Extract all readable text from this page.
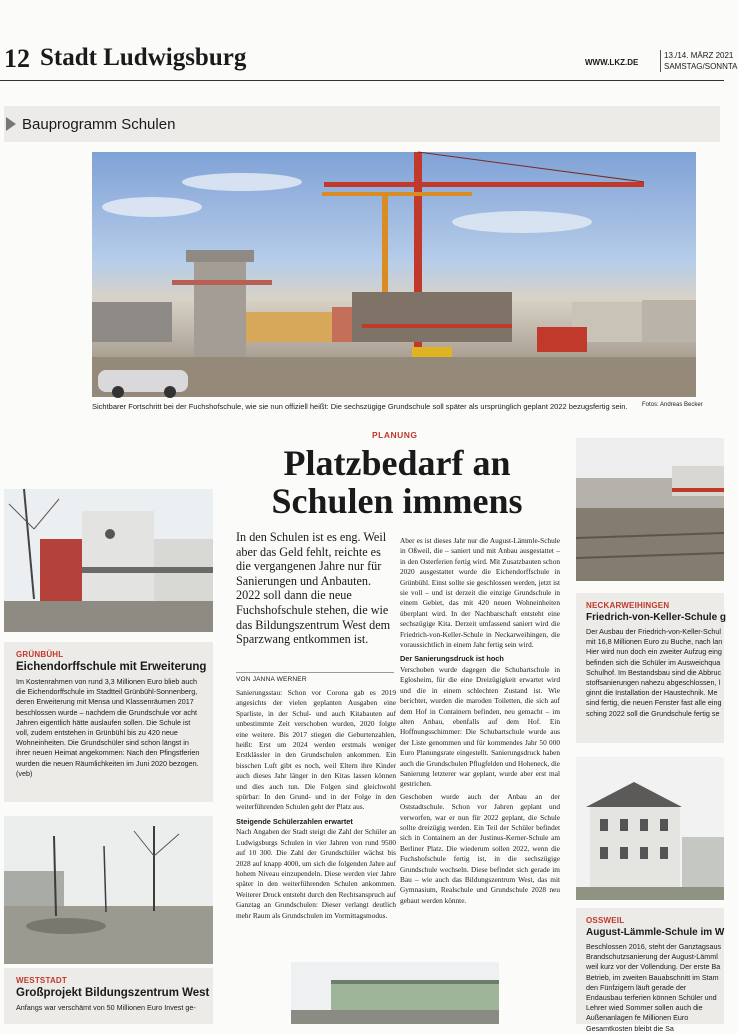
12 Stadt Ludwigsburg	WWW.LKZ.DE
13./14. MÄRZ 2021
SAMSTAG/SONNTA
Bauprogramm Schulen
Sichtbarer Fortschritt bei der Fuchshofschule, wie sie nun offiziell heißt: Die sechszügige Grundschule soll später als ursprünglich geplant 2022 bezugsfertig sein. Fotos: Andreas Becker
PLANUNG
Platzbedarf an
Schulen immens
In den Schulen ist es eng. Weil aber das Geld fehlt, reichte es die vergangenen Jahre nur für Sanierungen und Anbauten. 2022 soll dann die neue Fuchshofschule stehen, die wie das Bildungszentrum West dem Sparzwang entkommen ist.
VON JANNA WERNER

Sanierungsstau: Schon vor Corona gab es 2019 angesichts der vielen geplanten Ausgaben eine Sparliste, in der Schul- und auch Kitabauten auf unbestimmte Zeit verschoben wurden, 2020 folgte eine weitere. Bis 2017 stiegen die Geburtenzahlen, heißt: Erst um 2024 werden erstmals weniger Erstklässler in den Grundschulen ankommen. Ein bisschen Luft gibt es noch, weil Eltern ihre Kinder auch dieses Jahr länger in den Kitas lassen können und dies auch tun. Die Folgen sind gleichwohl spürbar: In den Grund- und in der Folge in den weiterführenden Schulen geht der Platz aus.

Steigende Schülerzahlen erwartet

Nach Angaben der Stadt steigt die Zahl der Schüler an Ludwigsburgs Schulen in vier Jahren von rund 9500 auf 10 300. Die Zahl der Grundschüler wächst bis 2028 auf knapp 4000, um sich die folgenden Jahre auf hohem Niveau einzupendeln. Diese werden vier Jahre später in den weiterführenden Schulen ankommen. Weiterer Druck entsteht durch den Rechtsanspruch auf Ganztag an Grundschulen: Dieser verlangt deutlich mehr Raum als Grundschulen im Vormittagsmodus.

Aber es ist dieses Jahr nur die August-Lämmle-Schule in Oßweil, die – saniert und mit Anbau ausgestattet – in den Osterferien fertig wird. Mit Zusatzbauten schon 2020 ausgestattet wurde die Eichendorffschule in Grünbühl. Einst sollte sie geschlossen werden, jetzt ist sie voll – und ist derzeit die einzige Grundschule in einem Gebiet, das mit 420 neuen Wohneinheiten überplant wird. In der Nachbarschaft entsteht eine sechszügige Kita. Derzeit umfassend saniert wird die Friedrich-von-Keller-Schule in Neckarweihingen, die voraussichtlich in einem Jahr fertig sein wird.

Der Sanierungsdruck ist hoch

Verschoben wurde dagegen die Schubartschule in Eglosheim, für die eine Dreizügigkeit erwartet wird und die in einem schlechten Zustand ist. Wie berichtet, wurden die maroden Toiletten, die sich auf dem Hof in Containern befinden, neu gemacht – im alten Anbau, ebenfalls auf dem Hof. Ein Hoffnungsschimmer: Die Schubartschule wurde aus der Liste genommen und für kommendes Jahr 50 000 Euro Planungsrate eingestellt. Sanierungsdruck haben auch die Grundschulen Pflugfelden und Hoheneck, die Sanierung letzterer war geplant, wurde aber erst mal gestrichen.

Geschoben wurde auch der Anbau an der Oststadtschule. Schon vor Jahren geplant und verworfen, war er nun für 2022 geplant, die Schule sollte dreizügig werden. Ein Teil der Schüler befindet sich in Containern an der Justinus-Kerner-Schule am Berliner Platz. Die wiederum sollen 2022, wenn die Fuchshofschule fertig ist, in die sechszügige Grundschule wechseln. Diese befindet sich gerade im Bau – wie auch das Bildungszentrum West, das mit Gymnasium, Realschule und Grundschule 2028 neu gebaut werden könnte.

GRÜNBÜHL
Eichendorffschule mit Erweiterung
Im Kostenrahmen von rund 3,3 Millionen Euro blieb auch die Eichendorffschule im Stadtteil Grünbühl-Sonnenberg, deren Erweiterung mit Mensa und Klassenräumen 2017 beschlossen wurde – nachdem die Grundschule vor acht Jahren eigentlich hätte auslaufen sollen. Die Schule ist voll, zudem entstehen in Grünbühl bis zu 420 neue Wohneinheiten. Die Grundschüler sind schon längst in ihrer neuen Heimat angekommen: Nach den Pfingstferien wurden die neuen Räumlichkeiten im Juni 2020 bezogen. (veb)
WESTSTADT
Großprojekt Bildungszentrum West
Anfangs war verschämt von 50 Millionen Euro Invest ge-
NECKARWEIHINGEN
Friedrich-von-Keller-Schule g
Der Ausbau der Friedrich-von-Keller-Schul mit 16,8 Millionen Euro zu Buche, nach lan Hier wird nun doch ein zweiter Aufzug eing befinden sich die Schüler im Ausweichqua Schulhof. Im Bestandsbau sind die Abbruc stoffsanierungen nahezu abgeschlossen, l ginnt die Installation der Haustechnik. Me sind fertig, die neuen Fenster fast alle eing sching 2022 soll die Grundschule fertig se
OSSWEIL
August-Lämmle-Schule im W
Beschlossen 2016, steht der Ganztagsaus Brandschutzsanierung der August-Lämml weil kurz vor der Vollendung. Der erste Ba Betrieb, im zweiten Bauabschnitt im Stam den Fünfzigern läuft gerade der Endausbau terferien können Schüler und Lehrer wied Sommer sollen auch die Außenanlagen fe Millionen Euro Gesamtkosten bleibt die Sa
